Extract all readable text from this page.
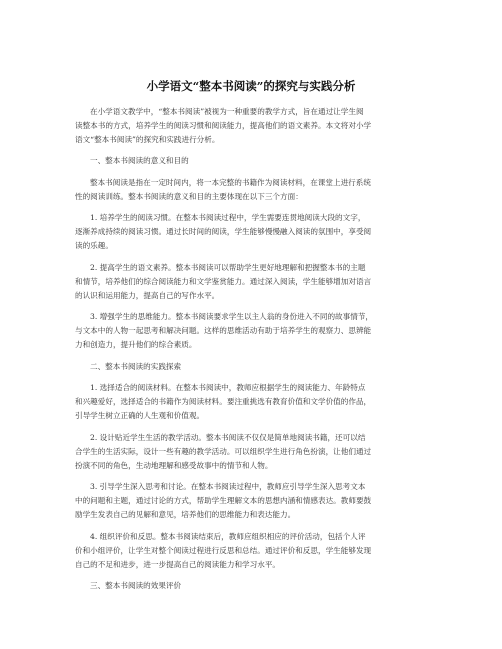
小学语文“整本书阅读”的探究与实践分析
在小学语文教学中，“整本书阅读”被视为一种重要的教学方式，旨在通过让学生阅
读整本书的方式，培养学生的阅读习惯和阅读能力，提高他们的语文素养。本文将对小学
语文“整本书阅读”的探究和实践进行分析。
一、整本书阅读的意义和目的
整本书阅读是指在一定时间内，将一本完整的书籍作为阅读材料，在课堂上进行系统
性的阅读训练。整本书阅读的意义和目的主要体现在以下三个方面：
1. 培养学生的阅读习惯。在整本书阅读过程中，学生需要连贯地阅读大段的文字，
逐渐养成持续的阅读习惯。通过长时间的阅读，学生能够慢慢融入阅读的氛围中，享受阅
读的乐趣。
2. 提高学生的语文素养。整本书阅读可以帮助学生更好地理解和把握整本书的主题
和情节，培养他们的综合阅读能力和文学鉴赏能力。通过深入阅读，学生能够增加对语言
的认识和运用能力，提高自己的写作水平。
3. 增强学生的思维能力。整本书阅读要求学生以主人翁的身份进入不同的故事情节，
与文本中的人物一起思考和解决问题。这样的思维活动有助于培养学生的观察力、思辨能
力和创造力，提升他们的综合素质。
二、整本书阅读的实践探索
1. 选择适合的阅读材料。在整本书阅读中，教师应根据学生的阅读能力、年龄特点
和兴趣爱好，选择适合的书籍作为阅读材料。要注重挑选有教育价值和文学价值的作品，
引导学生树立正确的人生观和价值观。
2. 设计贴近学生生活的教学活动。整本书阅读不仅仅是简单地阅读书籍，还可以结
合学生的生活实际，设计一些有趣的教学活动。可以组织学生进行角色扮演，让他们通过
扮演不同的角色，生动地理解和感受故事中的情节和人物。
3. 引导学生深入思考和讨论。在整本书阅读过程中，教师应引导学生深入思考文本
中的问题和主题，通过讨论的方式，帮助学生理解文本的思想内涵和情感表达。教师要鼓
励学生发表自己的见解和意见，培养他们的思维能力和表达能力。
4. 组织评价和反思。整本书阅读结束后，教师应组织相应的评价活动，包括个人评
价和小组评价，让学生对整个阅读过程进行反思和总结。通过评价和反思，学生能够发现
自己的不足和进步，进一步提高自己的阅读能力和学习水平。
三、整本书阅读的效果评价
